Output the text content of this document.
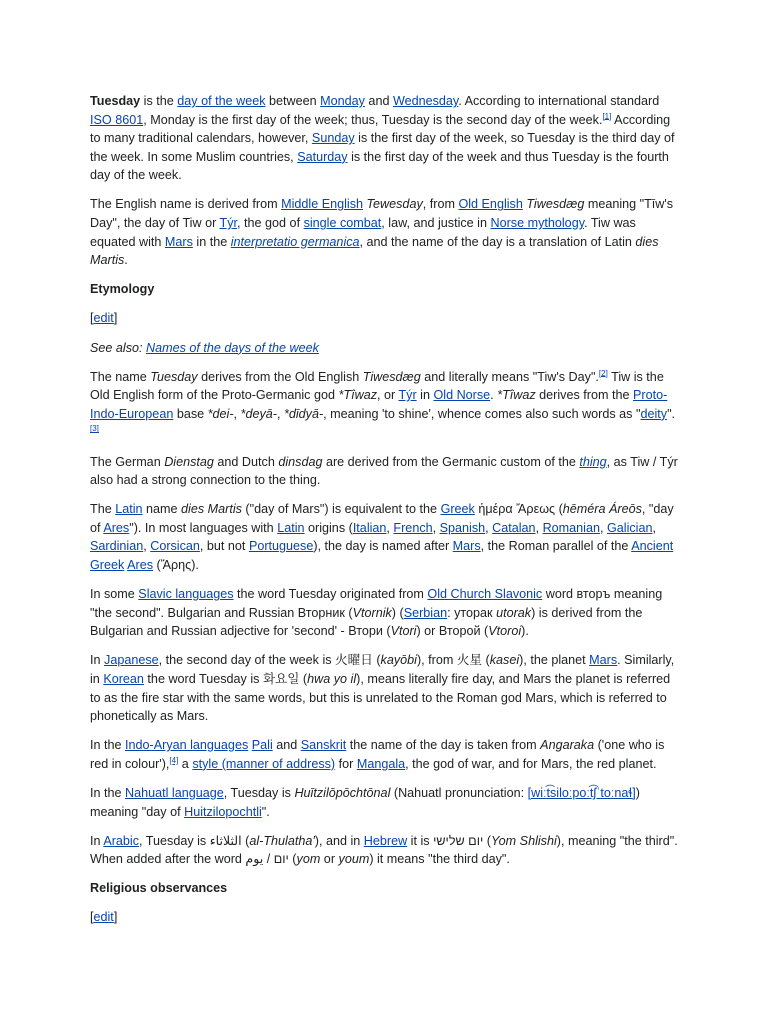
Tuesday is the day of the week between Monday and Wednesday. According to international standard ISO 8601, Monday is the first day of the week; thus, Tuesday is the second day of the week.[1] According to many traditional calendars, however, Sunday is the first day of the week, so Tuesday is the third day of the week. In some Muslim countries, Saturday is the first day of the week and thus Tuesday is the fourth day of the week.

The English name is derived from Middle English Tewesday, from Old English Tiwesdæg meaning "Tīw's Day", the day of Tiw or Týr, the god of single combat, law, and justice in Norse mythology. Tiw was equated with Mars in the interpretatio germanica, and the name of the day is a translation of Latin dies Martis.

Etymology

[edit]

See also: Names of the days of the week

The name Tuesday derives from the Old English Tiwesdæg and literally means "Tiw's Day".[2] Tiw is the Old English form of the Proto-Germanic god *Tîwaz, or Týr in Old Norse. *Tîwaz derives from the Proto-Indo-European base *dei-, *deyā-, *dīdyā-, meaning 'to shine', whence comes also such words as "deity".[3]

The German Dienstag and Dutch dinsdag are derived from the Germanic custom of the thing, as Tiw / Týr also had a strong connection to the thing.

The Latin name dies Martis ("day of Mars") is equivalent to the Greek ἡμέρα Ἄρεως (hēméra Áreōs, "day of Ares"). In most languages with Latin origins (Italian, French, Spanish, Catalan, Romanian, Galician, Sardinian, Corsican, but not Portuguese), the day is named after Mars, the Roman parallel of the Ancient Greek Ares (Ἄρης).

In some Slavic languages the word Tuesday originated from Old Church Slavonic word вторъ meaning "the second". Bulgarian and Russian Вторник (Vtornik) (Serbian: уторак utorak) is derived from the Bulgarian and Russian adjective for 'second' - Втори (Vtori) or Второй (Vtoroi).

In Japanese, the second day of the week is 火曜日 (kayōbi), from 火星 (kasei), the planet Mars. Similarly, in Korean the word Tuesday is 화요일 (hwa yo il), means literally fire day, and Mars the planet is referred to as the fire star with the same words, but this is unrelated to the Roman god Mars, which is referred to phonetically as Mars.

In the Indo-Aryan languages Pali and Sanskrit the name of the day is taken from Angaraka ('one who is red in colour'),[4] a style (manner of address) for Mangala, the god of war, and for Mars, the red planet.

In the Nahuatl language, Tuesday is Huītzilōpōchtōnal (Nahuatl pronunciation: [wiːt͡siloːpoːt͡ʃˈtoːnaɬ]) meaning "day of Huitzilopochtli".

In Arabic, Tuesday is الثلاثاء (al-Thulatha'), and in Hebrew it is יום שלישי (Yom Shlishi), meaning "the third". When added after the word יום / يوم (yom or youm) it means "the third day".

Religious observances

[edit]
